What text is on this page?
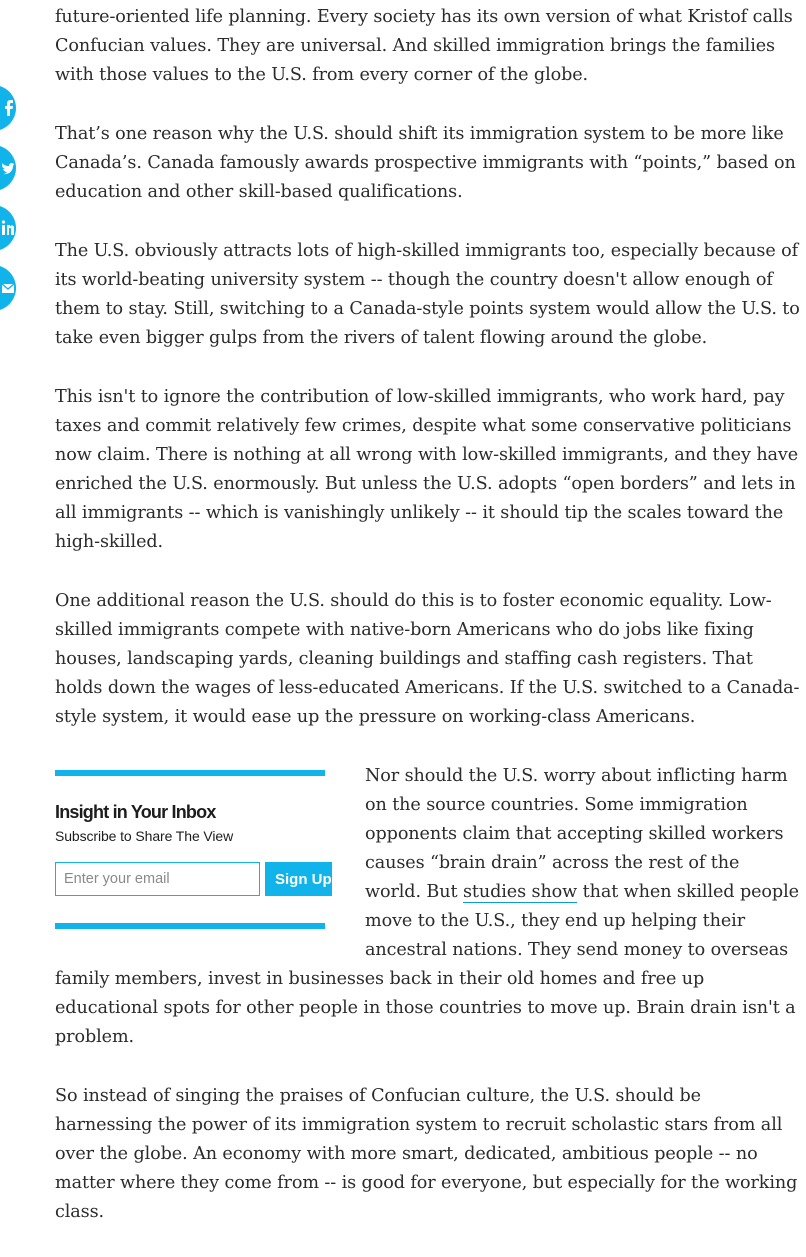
future-oriented life planning. Every society has its own version of what Kristof calls Confucian values. They are universal. And skilled immigration brings the families with those values to the U.S. from every corner of the globe.

That’s one reason why the U.S. should shift its immigration system to be more like Canada’s. Canada famously awards prospective immigrants with “points,” based on education and other skill-based qualifications.

The U.S. obviously attracts lots of high-skilled immigrants too, especially because of its world-beating university system -- though the country doesn't allow enough of them to stay. Still, switching to a Canada-style points system would allow the U.S. to take even bigger gulps from the rivers of talent flowing around the globe.

This isn't to ignore the contribution of low-skilled immigrants, who work hard, pay taxes and commit relatively few crimes, despite what some conservative politicians now claim. There is nothing at all wrong with low-skilled immigrants, and they have enriched the U.S. enormously. But unless the U.S. adopts “open borders” and lets in all immigrants -- which is vanishingly unlikely -- it should tip the scales toward the high-skilled.

One additional reason the U.S. should do this is to foster economic equality. Low-skilled immigrants compete with native-born Americans who do jobs like fixing houses, landscaping yards, cleaning buildings and staffing cash registers. That holds down the wages of less-educated Americans. If the U.S. switched to a Canada-style system, it would ease up the pressure on working-class Americans.

Insight in Your Inbox
Subscribe to Share The View
Enter your email
Sign Up

Nor should the U.S. worry about inflicting harm on the source countries. Some immigration opponents claim that accepting skilled workers causes “brain drain” across the rest of the world. But studies show that when skilled people move to the U.S., they end up helping their ancestral nations. They send money to overseas family members, invest in businesses back in their old homes and free up educational spots for other people in those countries to move up. Brain drain isn't a problem.

So instead of singing the praises of Confucian culture, the U.S. should be harnessing the power of its immigration system to recruit scholastic stars from all over the globe. An economy with more smart, dedicated, ambitious people -- no matter where they come from -- is good for everyone, but especially for the working class.
